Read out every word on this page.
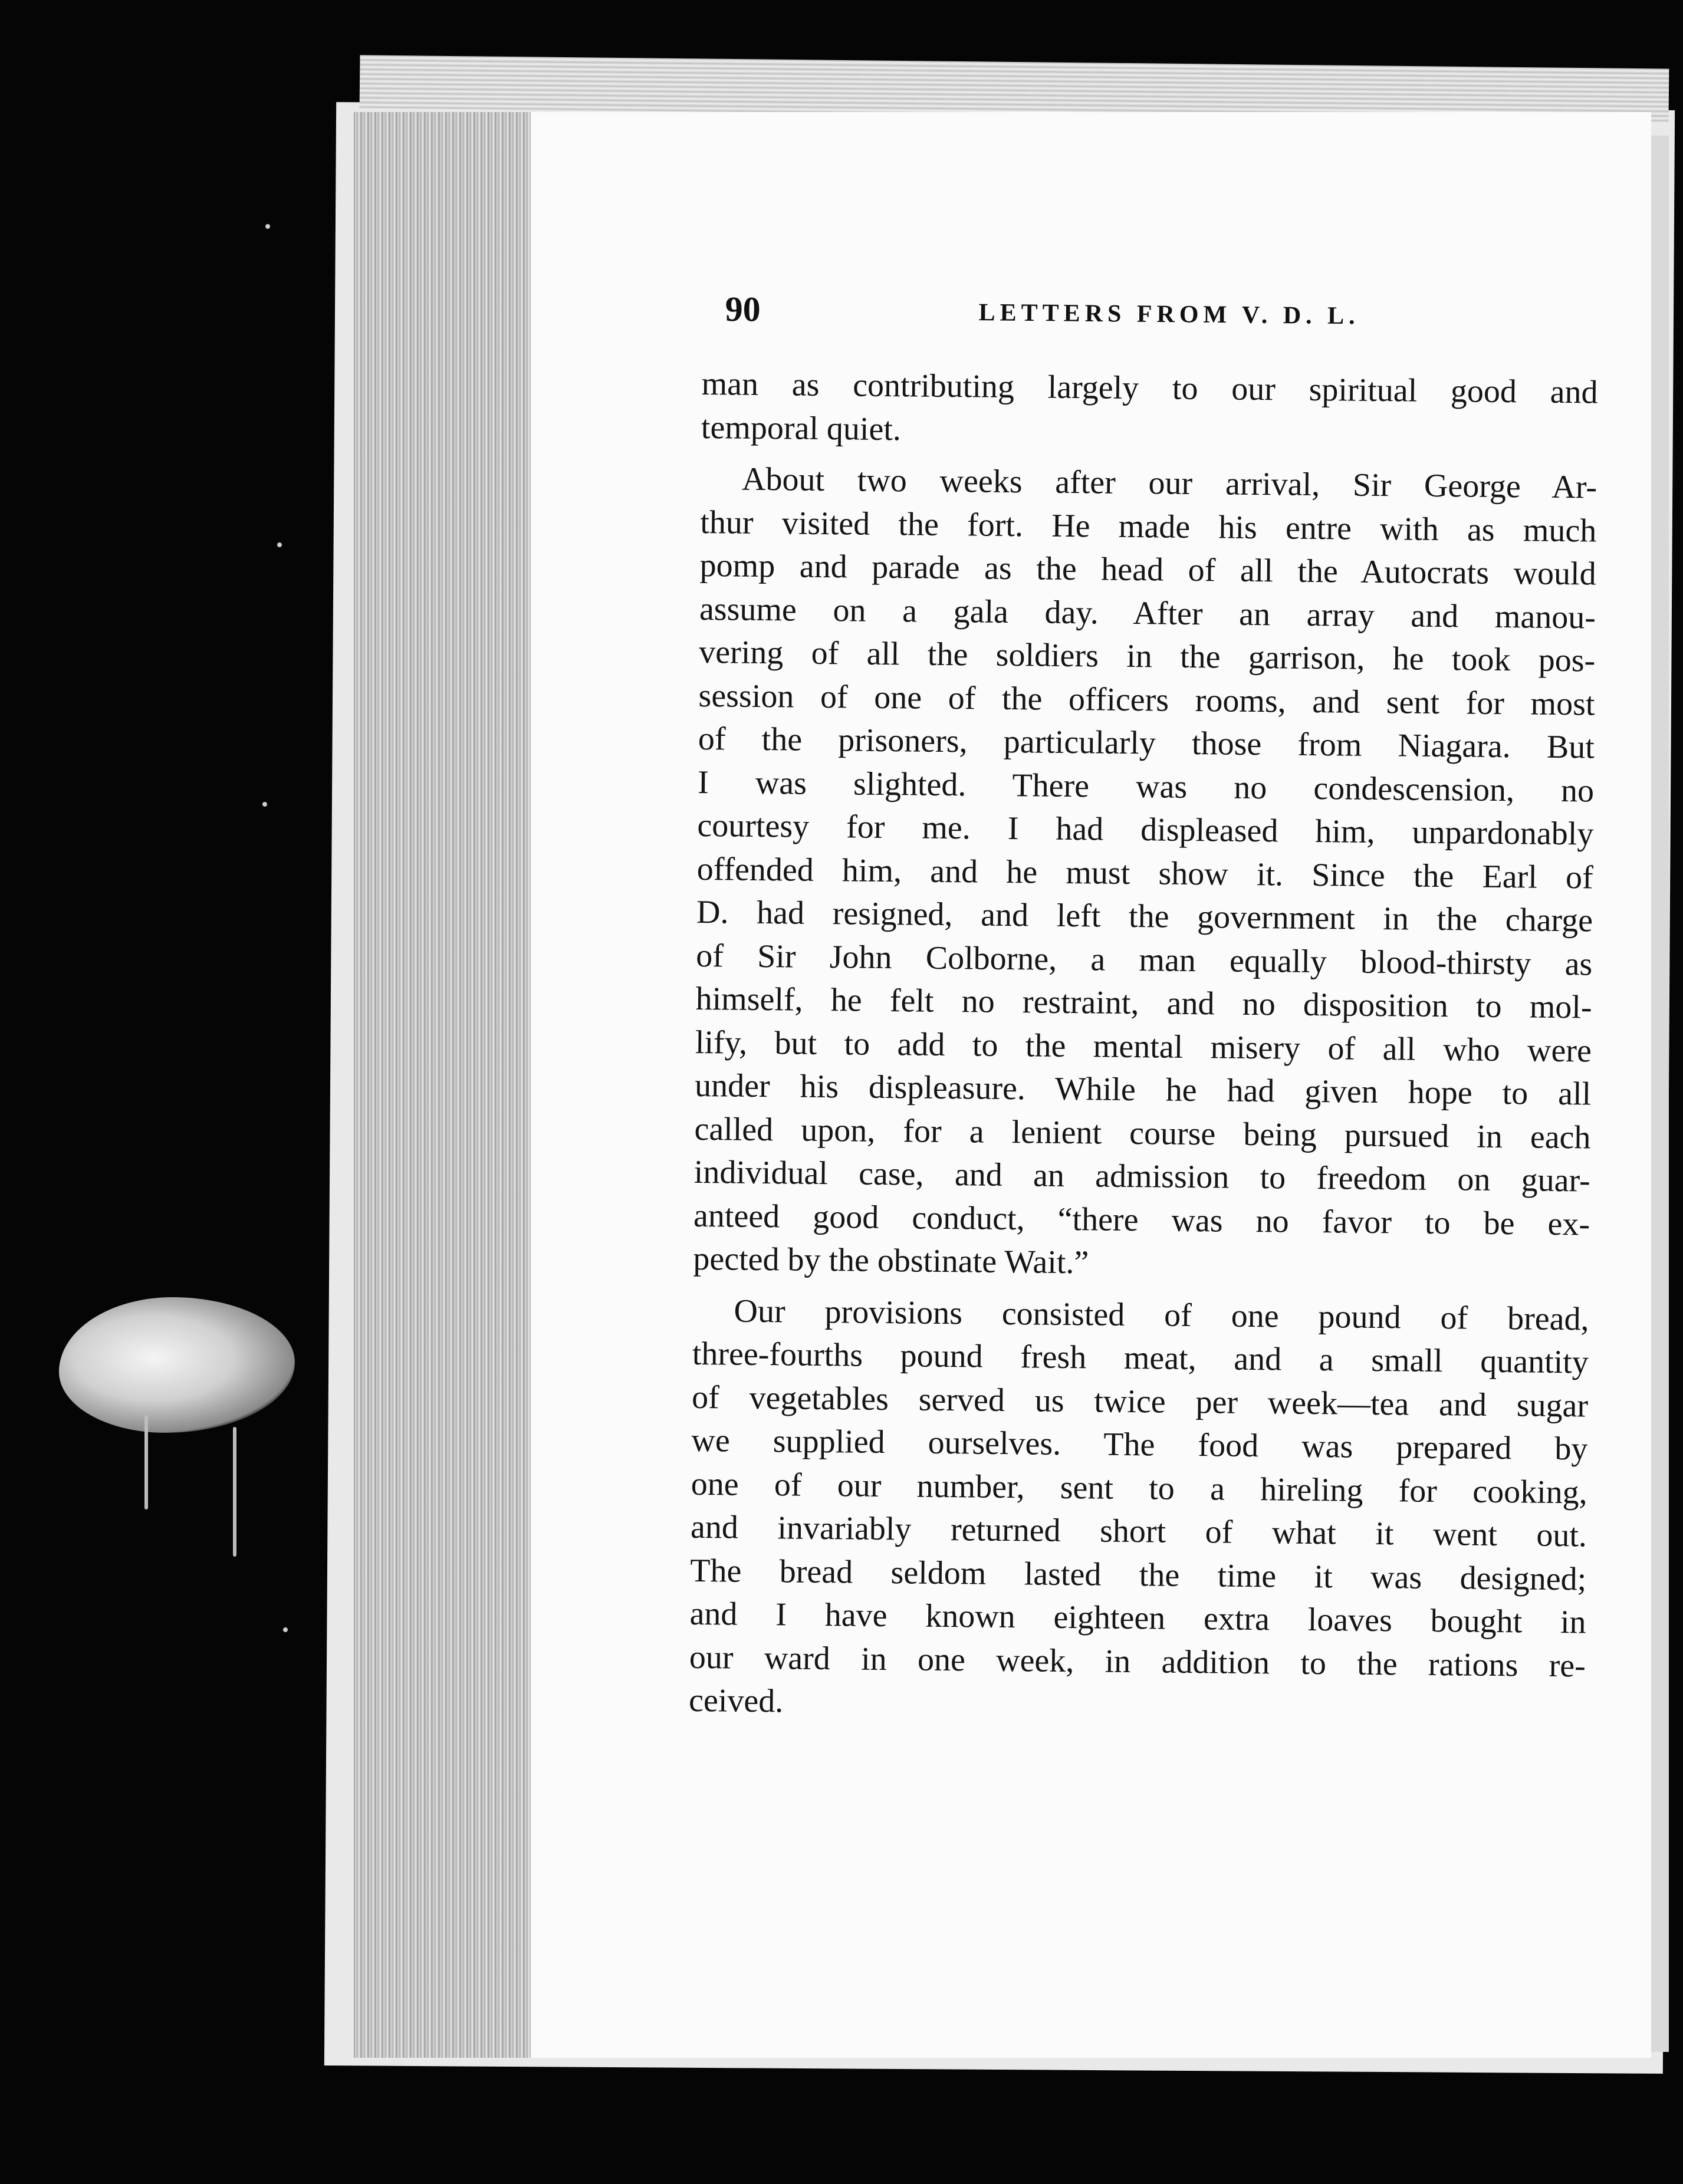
90	LETTERS FROM V. D. L.
man as contributing largely to our spiritual good and
temporal quiet.
About two weeks after our arrival, Sir George Ar-
thur visited the fort. He made his entre with as much
pomp and parade as the head of all the Autocrats would
assume on a gala day. After an array and manou-
vering of all the soldiers in the garrison, he took pos-
session of one of the officers rooms, and sent for most
of the prisoners, particularly those from Niagara. But
I was slighted. There was no condescension, no
courtesy for me. I had displeased him, unpardonably
offended him, and he must show it. Since the Earl of
D. had resigned, and left the government in the charge
of Sir John Colborne, a man equally blood-thirsty as
himself, he felt no restraint, and no disposition to mol-
lify, but to add to the mental misery of all who were
under his displeasure. While he had given hope to all
called upon, for a lenient course being pursued in each
individual case, and an admission to freedom on guar-
anteed good conduct, “there was no favor to be ex-
pected by the obstinate Wait.”
Our provisions consisted of one pound of bread,
three-fourths pound fresh meat, and a small quantity
of vegetables served us twice per week—tea and sugar
we supplied ourselves. The food was prepared by
one of our number, sent to a hireling for cooking,
and invariably returned short of what it went out.
The bread seldom lasted the time it was designed;
and I have known eighteen extra loaves bought in
our ward in one week, in addition to the rations re-
ceived.
